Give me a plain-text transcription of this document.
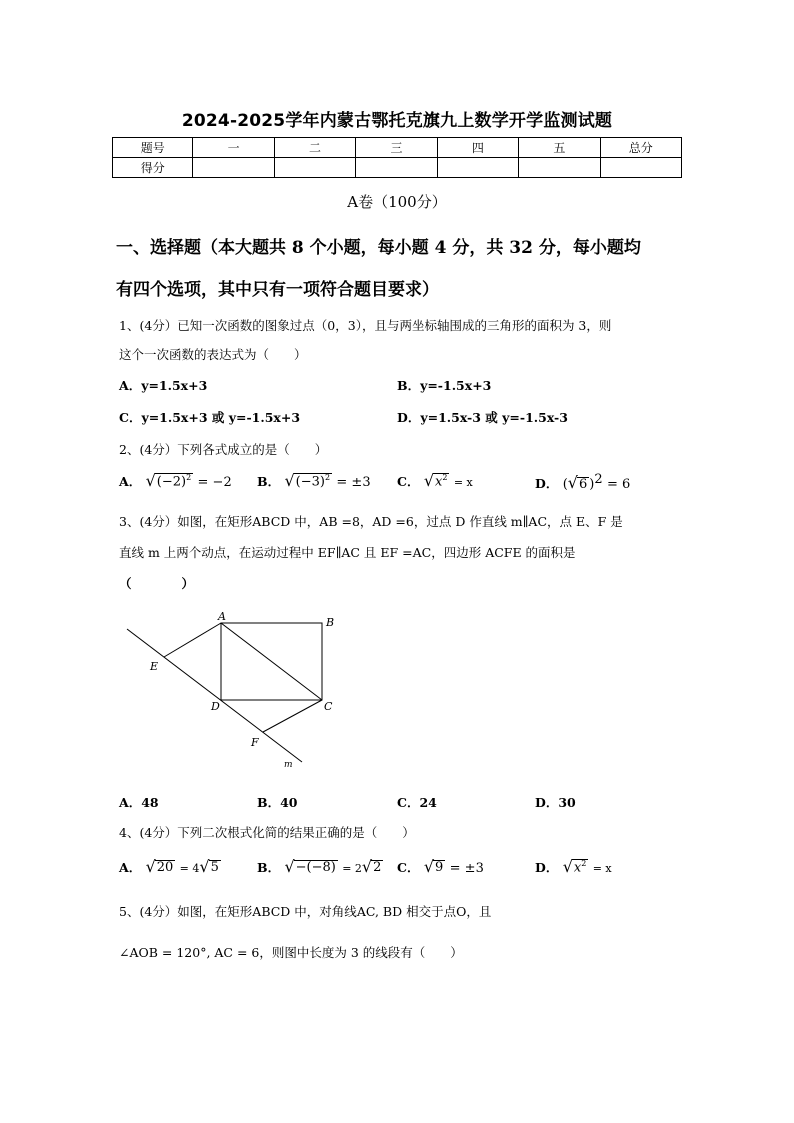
2024-2025学年内蒙古鄂托克旗九上数学开学监测试题
题号	一	二	三	四	五	总分
得分						
A卷（100分）
一、选择题（本大题共 8 个小题，每小题 4 分，共 32 分，每小题均
有四个选项，其中只有一项符合题目要求）
1、(4分）已知一次函数的图象过点（0，3），且与两坐标轴围成的三角形的面积为 3，则
这个一次函数的表达式为（　　）
A．y=1.5x+3	B．y=-1.5x+3
C．y=1.5x+3 或 y=-1.5x+3	D．y=1.5x-3 或 y=-1.5x-3
2、(4分）下列各式成立的是（　　）
A． √ $(-2)^2 = -2$ B． √ $(-3)^2 = \pm 3$ C． √ $x^2 = x$	D． ( √ 6 )$^2$ = 6
3、(4分）如图，在矩形ABCD 中，AB =8，AD =6，过点 D 作直线 m∥AC，点 E、F 是
直线 m 上两个动点，在运动过程中 EF∥AC 且 EF =AC，四边形 ACFE 的面积是
（　　　　）
A	B
C
D
E
F
m
A．48	B．40	C．24	D．30
4、(4分）下列二次根式化简的结果正确的是（　　）
A． √ 20 = 4 √ 5	B． √ −(−8) = 2 √ 2 C． √ 9 = ±3	D． √ $x^2 = x$
5、(4分）如图，在矩形ABCD 中，对角线AC, BD 相交于点O，且
∠AOB = 120°, AC = 6，则图中长度为 3 的线段有（　　）
